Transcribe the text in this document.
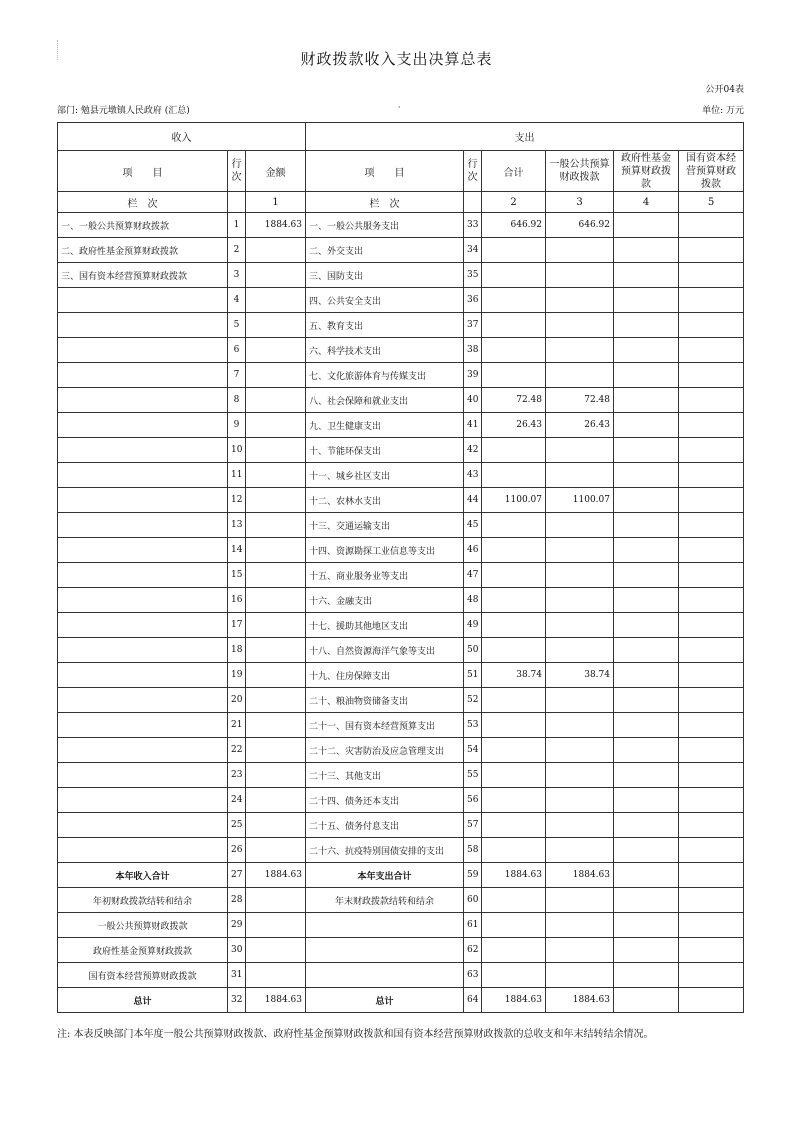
财政拨款收入支出决算总表
公开04表
部门: 勉县元墩镇人民政府 (汇总)	·	单位: 万元
收入			支出					
项　　目	行次	金额	项　　目	行次	合计	一般公共预算财政拨款	政府性基金预算财政拨款	国有资本经营预算财政拨款
栏　次		1	栏　次		2	3	4	5
一、一般公共预算财政拨款	1	1884.63	一、一般公共服务支出	33	646.92	646.92		
二、政府性基金预算财政拨款	2		二、外交支出	34				
三、国有资本经营预算财政拨款	3		三、国防支出	35				
	4		四、公共安全支出	36				
	5		五、教育支出	37				
	6		六、科学技术支出	38				
	7		七、文化旅游体育与传媒支出	39				
	8		八、社会保障和就业支出	40	72.48	72.48		
	9		九、卫生健康支出	41	26.43	26.43		
	10		十、节能环保支出	42				
	11		十一、城乡社区支出	43				
	12		十二、农林水支出	44	1100.07	1100.07		
	13		十三、交通运输支出	45				
	14		十四、资源勘探工业信息等支出	46				
	15		十五、商业服务业等支出	47				
	16		十六、金融支出	48				
	17		十七、援助其他地区支出	49				
	18		十八、自然资源海洋气象等支出	50				
	19		十九、住房保障支出	51	38.74	38.74		
	20		二十、粮油物资储备支出	52				
	21		二十一、国有资本经营预算支出	53				
	22		二十二、灾害防治及应急管理支出	54				
	23		二十三、其他支出	55				
	24		二十四、债务还本支出	56				
	25		二十五、债务付息支出	57				
	26		二十六、抗疫特别国债安排的支出	58				
本年收入合计	27	1884.63	本年支出合计	59	1884.63	1884.63		
年初财政拨款结转和结余	28		年末财政拨款结转和结余	60				
一般公共预算财政拨款	29			61				
政府性基金预算财政拨款	30			62				
国有资本经营预算财政拨款	31			63				
总计	32	1884.63	总计	64	1884.63	1884.63		
注: 本表反映部门本年度一般公共预算财政拨款、政府性基金预算财政拨款和国有资本经营预算财政拨款的总收支和年末结转结余情况。
